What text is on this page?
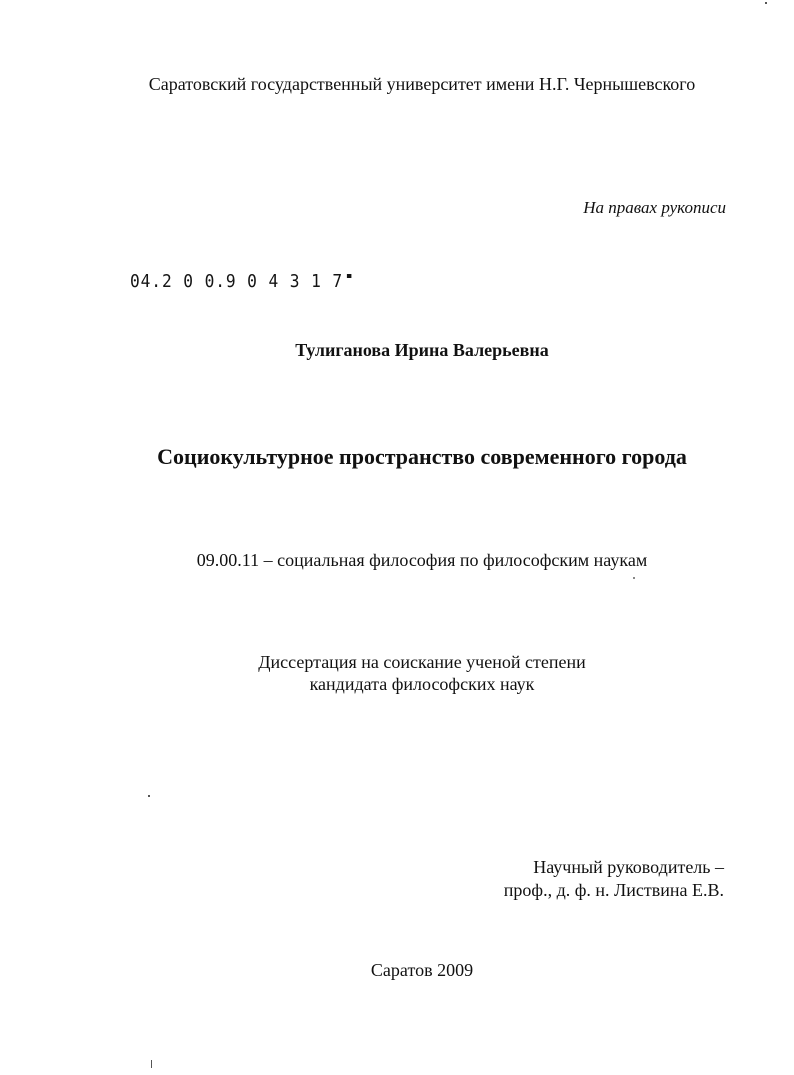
Саратовский государственный университет имени Н.Г. Чернышевского
На правах рукописи
04.2 0 0.9 0 4 3 1 7
Тулиганова Ирина Валерьевна
Социокультурное пространство современного города
09.00.11 – социальная философия по философским наукам
Диссертация на соискание ученой степени
кандидата философских наук
Научный руководитель –
проф., д. ф. н. Листвина Е.В.
Саратов 2009
